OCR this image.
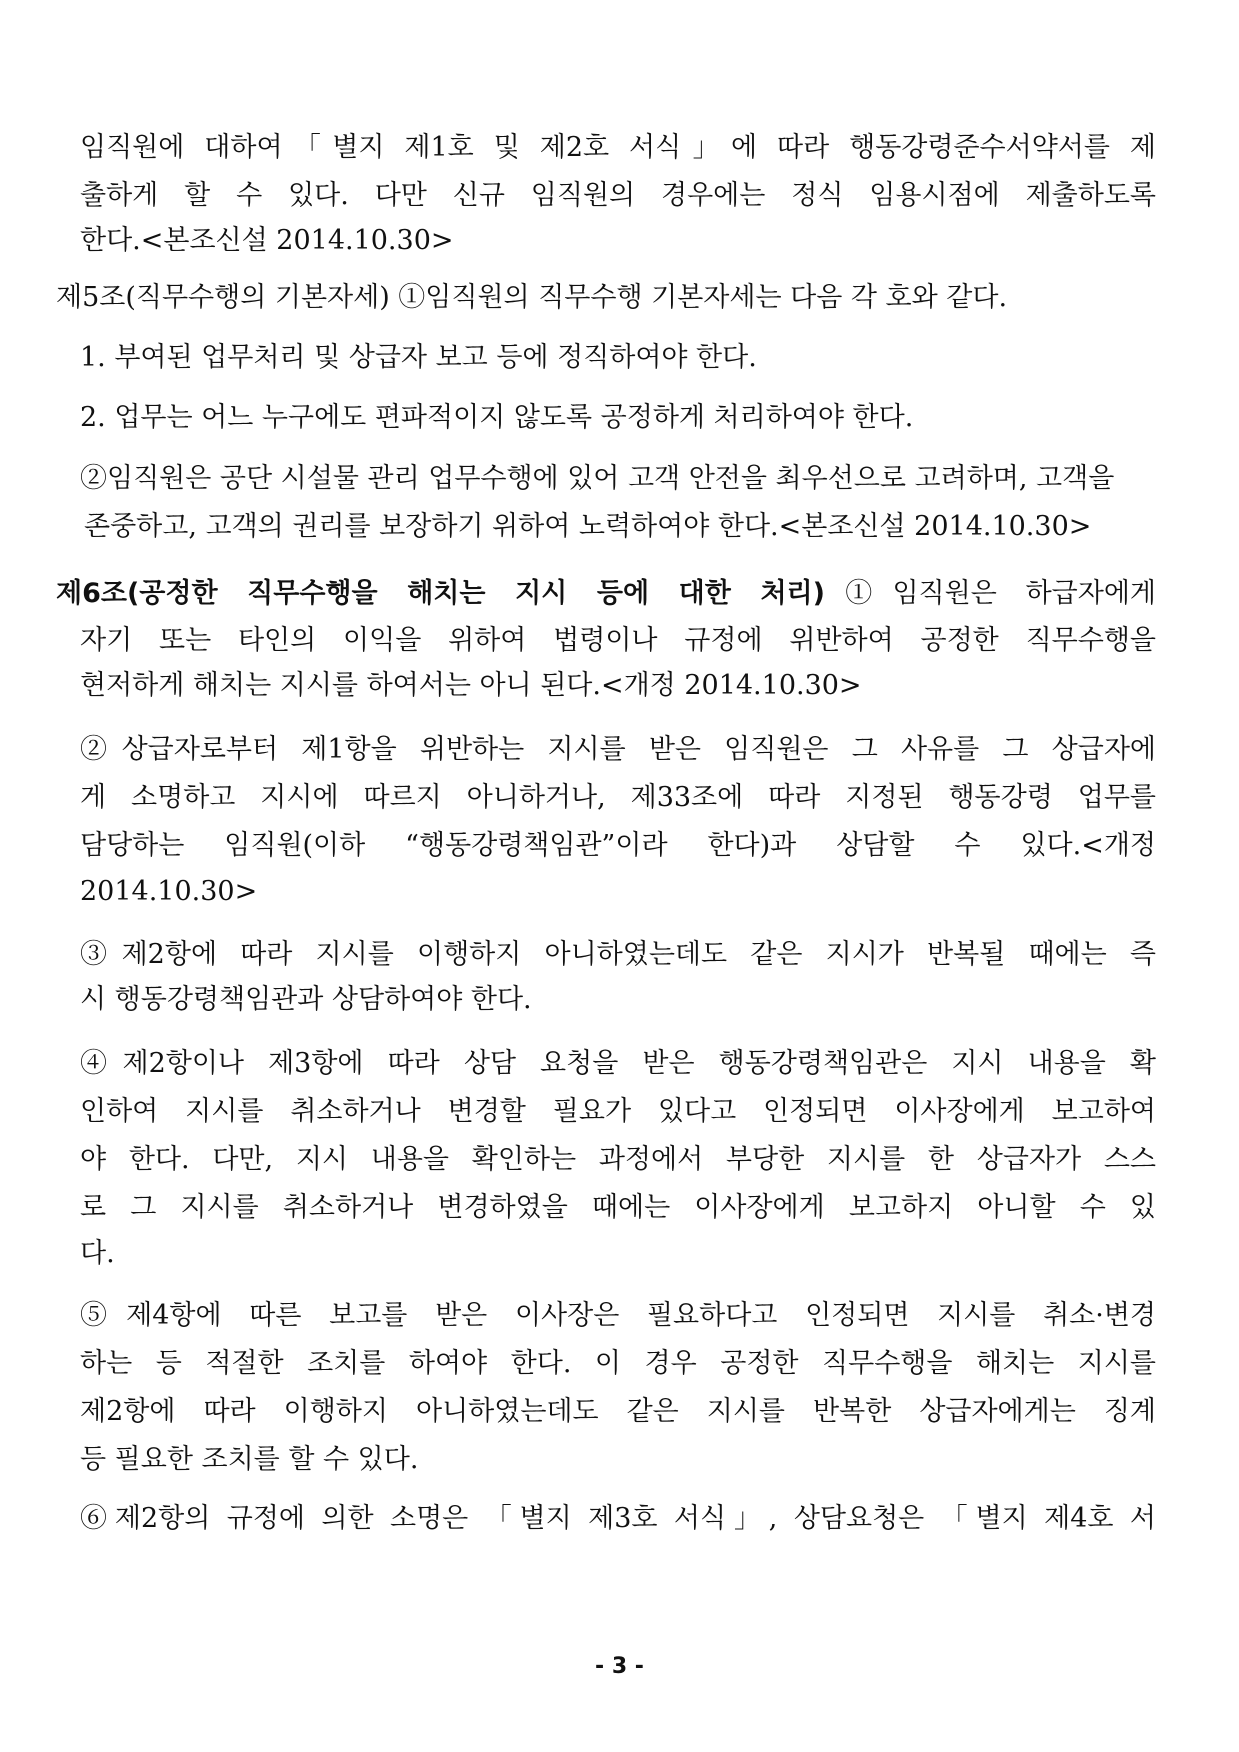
임직원에 대하여「별지 제1호 및 제2호 서식」에 따라 행동강령준수서약서를 제
출하게 할 수 있다. 다만 신규 임직원의 경우에는 정식 임용시점에 제출하도록
한다.<본조신설 2014.10.30>
제5조(직무수행의 기본자세) ①임직원의 직무수행 기본자세는 다음 각 호와 같다.
1. 부여된 업무처리 및 상급자 보고 등에 정직하여야 한다.
2. 업무는 어느 누구에도 편파적이지 않도록 공정하게 처리하여야 한다.
②임직원은 공단 시설물 관리 업무수행에 있어 고객 안전을 최우선으로 고려하며, 고객을
존중하고, 고객의 권리를 보장하기 위하여 노력하여야 한다.<본조신설 2014.10.30>
제6조(공정한 직무수행을 해치는 지시 등에 대한 처리)①임직원은 하급자에게
자기 또는 타인의 이익을 위하여 법령이나 규정에 위반하여 공정한 직무수행을
현저하게 해치는 지시를 하여서는 아니 된다.<개정 2014.10.30>
②상급자로부터 제1항을 위반하는 지시를 받은 임직원은 그 사유를 그 상급자에
게 소명하고 지시에 따르지 아니하거나, 제33조에 따라 지정된 행동강령 업무를
담당하는 임직원(이하 “행동강령책임관”이라 한다)과 상담할 수 있다.<개정
2014.10.30>
③제2항에 따라 지시를 이행하지 아니하였는데도 같은 지시가 반복될 때에는 즉
시 행동강령책임관과 상담하여야 한다.
④제2항이나 제3항에 따라 상담 요청을 받은 행동강령책임관은 지시 내용을 확
인하여 지시를 취소하거나 변경할 필요가 있다고 인정되면 이사장에게 보고하여
야 한다. 다만, 지시 내용을 확인하는 과정에서 부당한 지시를 한 상급자가 스스
로 그 지시를 취소하거나 변경하였을 때에는 이사장에게 보고하지 아니할 수 있
다.
⑤제4항에 따른 보고를 받은 이사장은 필요하다고 인정되면 지시를 취소·변경
하는 등 적절한 조치를 하여야 한다. 이 경우 공정한 직무수행을 해치는 지시를
제2항에 따라 이행하지 아니하였는데도 같은 지시를 반복한 상급자에게는 징계
등 필요한 조치를 할 수 있다.
⑥제2항의 규정에 의한 소명은 「별지 제3호 서식」, 상담요청은 「별지 제4호 서
- 3 -
